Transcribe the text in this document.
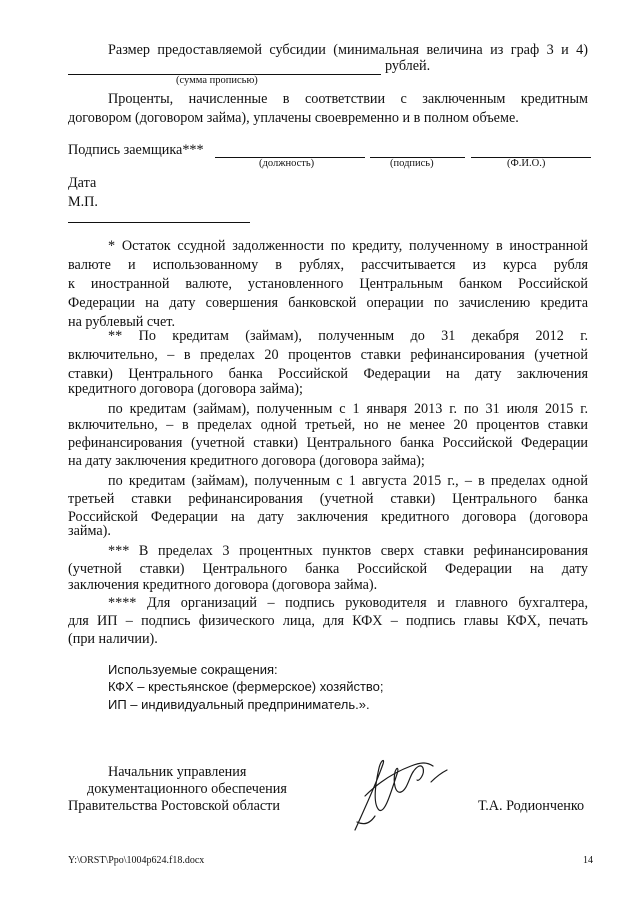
Размер предоставляемой субсидии (минимальная величина из граф 3 и 4)
рублей.
(сумма прописью)
Проценты, начисленные в соответствии с заключенным кредитным
договором (договором займа), уплачены своевременно и в полном объеме.
Подпись заемщика***
(должность)	(подпись)	(Ф.И.О.)
Дата
М.П.
* Остаток ссудной задолженности по кредиту, полученному в иностранной
валюте и использованному в рублях, рассчитывается из курса рубля
к иностранной валюте, установленного Центральным банком Российской
Федерации на дату совершения банковской операции по зачислению кредита
на рублевый счет.
** По кредитам (займам), полученным до 31 декабря 2012 г.
включительно, – в пределах 20 процентов ставки рефинансирования (учетной
ставки) Центрального банка Российской Федерации на дату заключения
кредитного договора (договора займа);
по кредитам (займам), полученным с 1 января 2013 г. по 31 июля 2015 г.
включительно, – в пределах одной третьей, но не менее 20 процентов ставки
рефинансирования (учетной ставки) Центрального банка Российской Федерации
на дату заключения кредитного договора (договора займа);
по кредитам (займам), полученным с 1 августа 2015 г., – в пределах одной
третьей ставки рефинансирования (учетной ставки) Центрального банка
Российской Федерации на дату заключения кредитного договора (договора
займа).
*** В пределах 3 процентных пунктов сверх ставки рефинансирования
(учетной ставки) Центрального банка Российской Федерации на дату
заключения кредитного договора (договора займа).
**** Для организаций – подпись руководителя и главного бухгалтера,
для ИП – подпись физического лица, для КФХ – подпись главы КФХ, печать
(при наличии).
Используемые сокращения:
КФХ – крестьянское (фермерское) хозяйство;
ИП – индивидуальный предприниматель.».
Начальник управления
документационного обеспечения
Правительства Ростовской области	Т.А. Родионченко
Y:\ORST\Ppo\1004p624.f18.docx	14
